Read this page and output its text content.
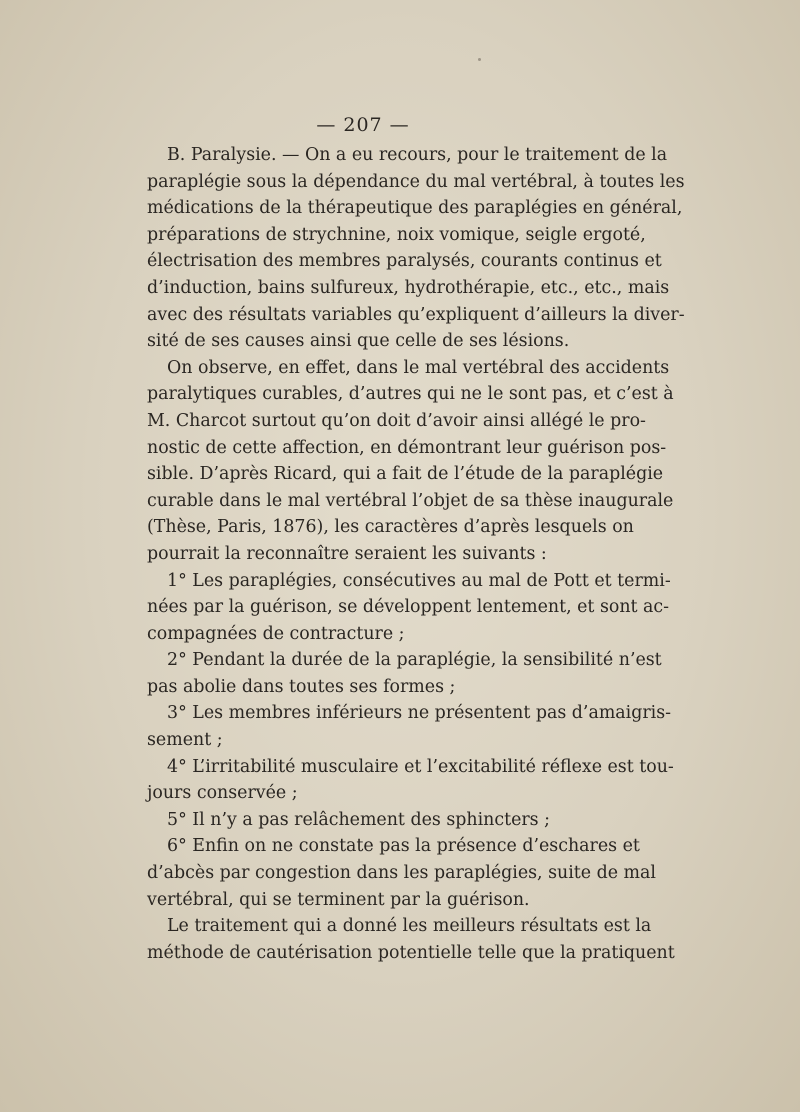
— 207 —
B. Paralysie. — On a eu recours, pour le traitement de la
paraplégie sous la dépendance du mal vertébral, à toutes les
médications de la thérapeutique des paraplégies en général,
préparations de strychnine, noix vomique, seigle ergoté,
électrisation des membres paralysés, courants continus et
d’induction, bains sulfureux, hydrothérapie, etc., etc., mais
avec des résultats variables qu’expliquent d’ailleurs la diver-
sité de ses causes ainsi que celle de ses lésions.
On observe, en effet, dans le mal vertébral des accidents
paralytiques curables, d’autres qui ne le sont pas, et c’est à
M. Charcot surtout qu’on doit d’avoir ainsi allégé le pro-
nostic de cette affection, en démontrant leur guérison pos-
sible. D’après Ricard, qui a fait de l’étude de la paraplégie
curable dans le mal vertébral l’objet de sa thèse inaugurale
(Thèse, Paris, 1876), les caractères d’après lesquels on
pourrait la reconnaître seraient les suivants :
1° Les paraplégies, consécutives au mal de Pott et termi-
nées par la guérison, se développent lentement, et sont ac-
compagnées de contracture ;
2° Pendant la durée de la paraplégie, la sensibilité n’est
pas abolie dans toutes ses formes ;
3° Les membres inférieurs ne présentent pas d’amaigris-
sement ;
4° L’irritabilité musculaire et l’excitabilité réflexe est tou-
jours conservée ;
5° Il n’y a pas relâchement des sphincters ;
6° Enfin on ne constate pas la présence d’eschares et
d’abcès par congestion dans les paraplégies, suite de mal
vertébral, qui se terminent par la guérison.
Le traitement qui a donné les meilleurs résultats est la
méthode de cautérisation potentielle telle que la pratiquent
